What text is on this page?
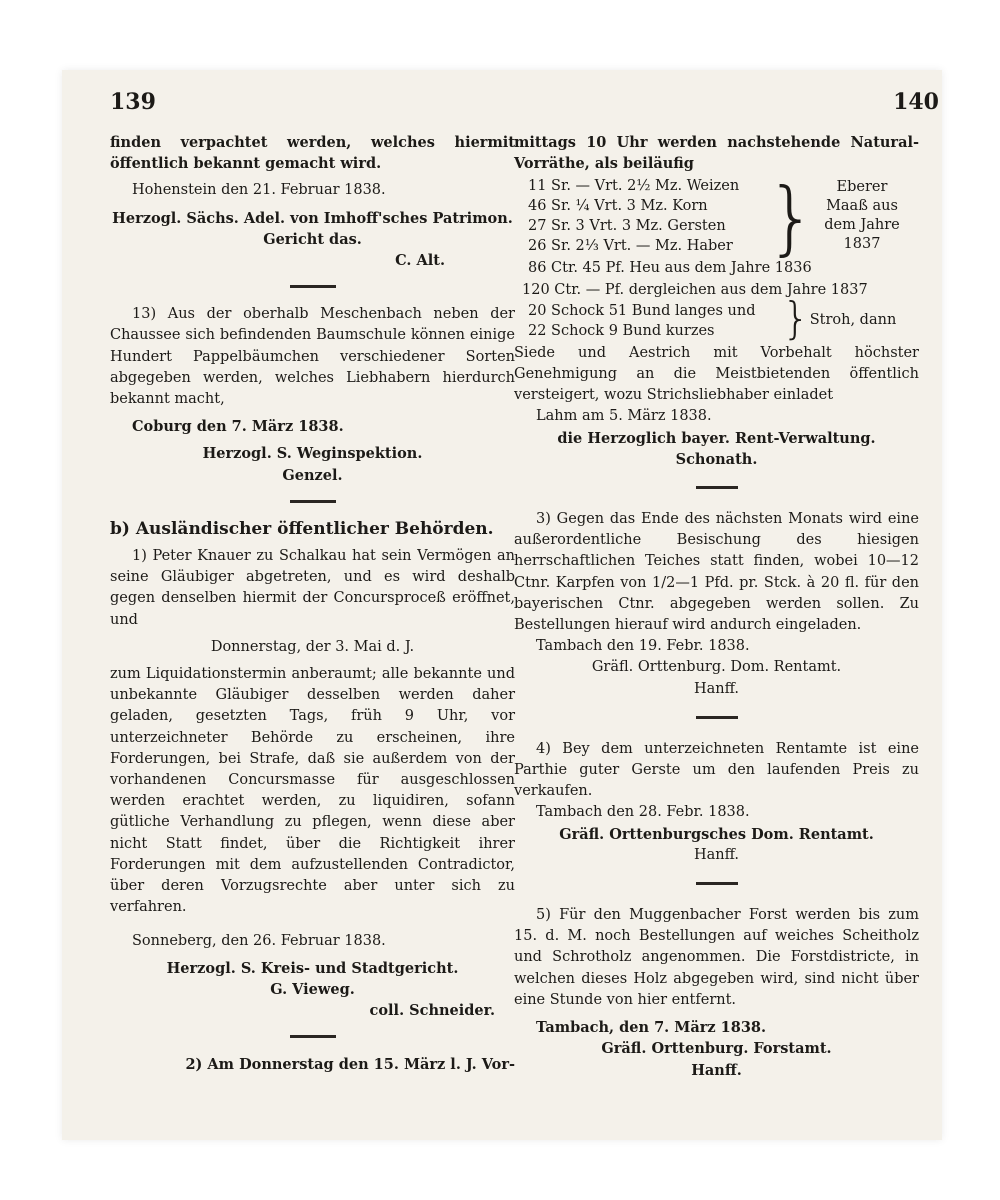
139

finden verpachtet werden, welches hiermit öffentlich bekannt gemacht wird.

Hohenstein den 21. Februar 1838.

Herzogl. Sächs. Adel. von Imhoff'sches Patrimon. Gericht das.

C. Alt.

13) Aus der oberhalb Meschenbach neben der Chaussee sich befindenden Baumschule können einige Hundert Pappelbäumchen verschiedener Sorten abgegeben werden, welches Liebhabern hierdurch bekannt macht,

Coburg den 7. März 1838.

Herzogl. S. Weginspektion.

Genzel.

b) Ausländischer öffentlicher Behörden.

1) Peter Knauer zu Schalkau hat sein Vermögen an seine Gläubiger abgetreten, und es wird deshalb gegen denselben hiermit der Concursproceß eröffnet, und

Donnerstag, der 3. Mai d. J.

zum Liquidationstermin anberaumt; alle bekannte und unbekannte Gläubiger desselben werden daher geladen, gesetzten Tags, früh 9 Uhr, vor unterzeichneter Behörde zu erscheinen, ihre Forderungen, bei Strafe, daß sie außerdem von der vorhandenen Concursmasse für ausgeschlossen werden erachtet werden, zu liquidiren, sofann gütliche Verhandlung zu pflegen, wenn diese aber nicht Statt findet, über die Richtigkeit ihrer Forderungen mit dem aufzustellenden Contradictor, über deren Vorzugsrechte aber unter sich zu verfahren.

Sonneberg, den 26. Februar 1838.

Herzogl. S. Kreis- und Stadtgericht.

G. Vieweg.

coll. Schneider.

2) Am Donnerstag den 15. März l. J. Vor-

140

mittags 10 Uhr werden nachstehende Natural-Vorräthe, als beiläufig

11 Sr. — Vrt. 2½ Mz. Weizen
46 Sr. ¼ Vrt. 3 Mz. Korn
27 Sr. 3 Vrt. 3 Mz. Gersten
26 Sr. 2⅓ Vrt. — Mz. Haber }	Eberer Maaß aus dem Jahre 1837

86 Ctr. 45 Pf. Heu aus dem Jahre 1836

120 Ctr. — Pf. dergleichen aus dem Jahre 1837

20 Schock 51 Bund langes und
22 Schock 9 Bund kurzes	} Stroh, dann

Siede und Aestrich mit Vorbehalt höchster Genehmigung an die Meistbietenden öffentlich versteigert, wozu Strichsliebhaber einladet

Lahm am 5. März 1838.

die Herzoglich bayer. Rent-Verwaltung.

Schonath.

3) Gegen das Ende des nächsten Monats wird eine außerordentliche Besischung des hiesigen herrschaftlichen Teiches statt finden, wobei 10—12 Ctnr. Karpfen von 1/2—1 Pfd. pr. Stck. à 20 fl. für den bayerischen Ctnr. abgegeben werden sollen. Zu Bestellungen hierauf wird andurch eingeladen.

Tambach den 19. Febr. 1838.

Gräfl. Orttenburg. Dom. Rentamt.

Hanff.

4) Bey dem unterzeichneten Rentamte ist eine Parthie guter Gerste um den laufenden Preis zu verkaufen.

Tambach den 28. Febr. 1838.

Gräfl. Orttenburgsches Dom. Rentamt.

Hanff.

5) Für den Muggenbacher Forst werden bis zum 15. d. M. noch Bestellungen auf weiches Scheitholz und Schrotholz angenommen. Die Forstdistricte, in welchen dieses Holz abgegeben wird, sind nicht über eine Stunde von hier entfernt.

Tambach, den 7. März 1838.

Gräfl. Orttenburg. Forstamt.

Hanff.
